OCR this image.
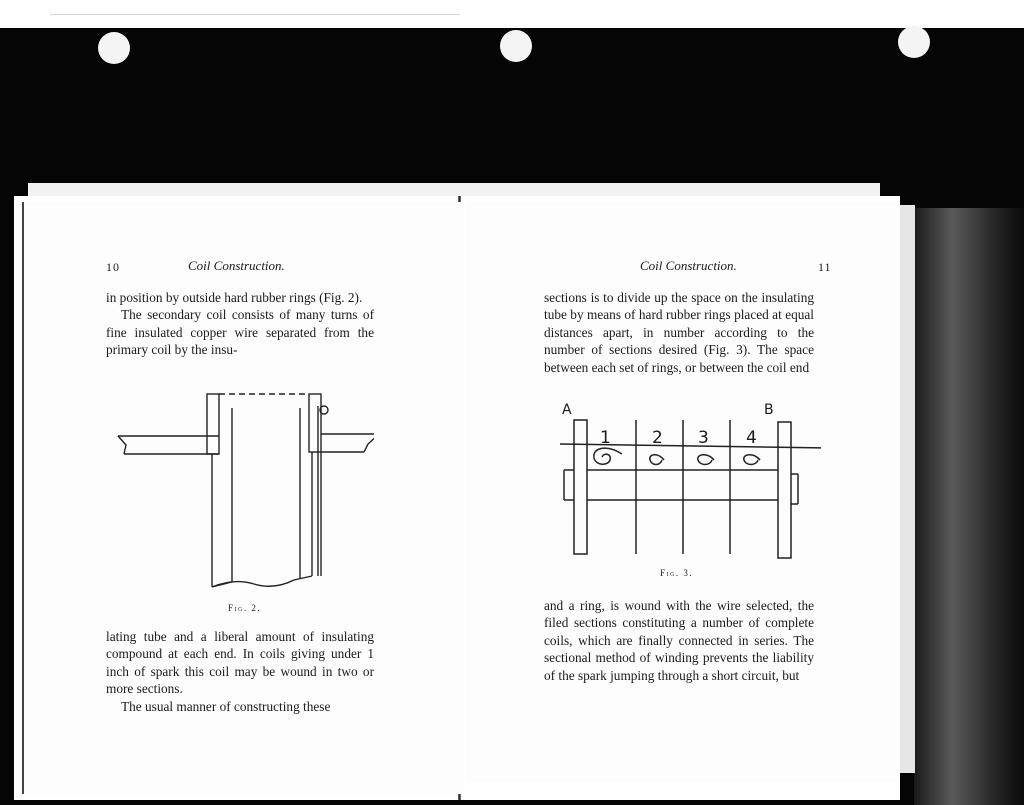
10	Coil Construction.

in position by outside hard rubber rings (Fig. 2).

The secondary coil consists of many turns of fine insulated copper wire separated from the primary coil by the insu-

Fig. 2.

lating tube and a liberal amount of insulating compound at each end. In coils giving under 1 inch of spark this coil may be wound in two or more sections.

The usual manner of constructing these

Coil Construction.	11

sections is to divide up the space on the insulating tube by means of hard rubber rings placed at equal distances apart, in number according to the number of sections desired (Fig. 3). The space between each set of rings, or between the coil end

A	B
1 2 3 4
Fig. 3.

and a ring, is wound with the wire selected, the filed sections constituting a number of complete coils, which are finally connected in series. The sectional method of winding prevents the liability of the spark jumping through a short circuit, but
